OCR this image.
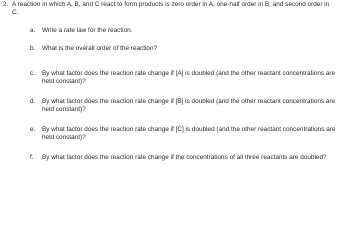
2. A reaction in which A, B, and C react to form products is zero order in A, one-half order in B, and second order in C.
a. Write a rate law for the reaction.
b. What is the overall order of the reaction?
c. By what factor does the reaction rate change if [A] is doubled (and the other reactant concentrations are held constant)?
d. By what factor does the reaction rate change if [B] is doubled (and the other reactant concentrations are held constant)?
e. By what factor does the reaction rate change if [C] is doubled (and the other reactant concentrations are held constant)?
f. By what factor does the reaction rate change if the concentrations of all three reactants are doubled?
